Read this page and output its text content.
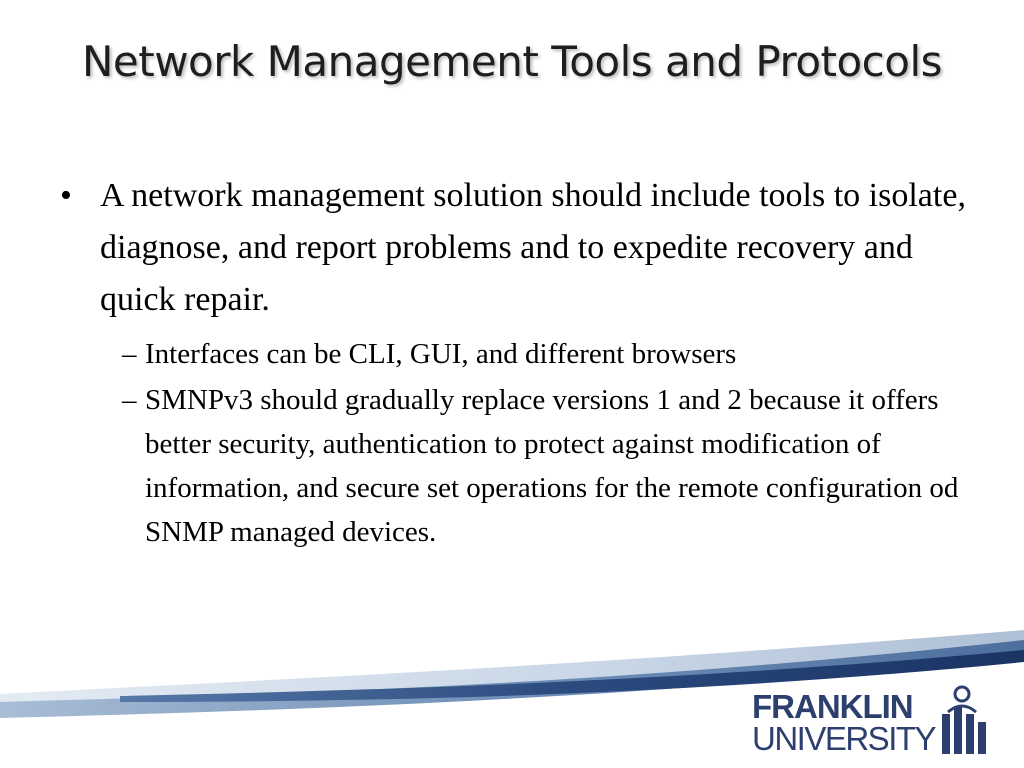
Network Management Tools and Protocols
• A network management solution should include tools to isolate, diagnose, and report problems and to expedite recovery and quick repair.
– Interfaces can be CLI, GUI, and different browsers
– SMNPv3 should gradually replace versions 1 and 2 because it offers better security, authentication to protect against modification of information, and secure set operations for the remote configuration od SNMP managed devices.
FRANKLIN
UNIVERSITY
